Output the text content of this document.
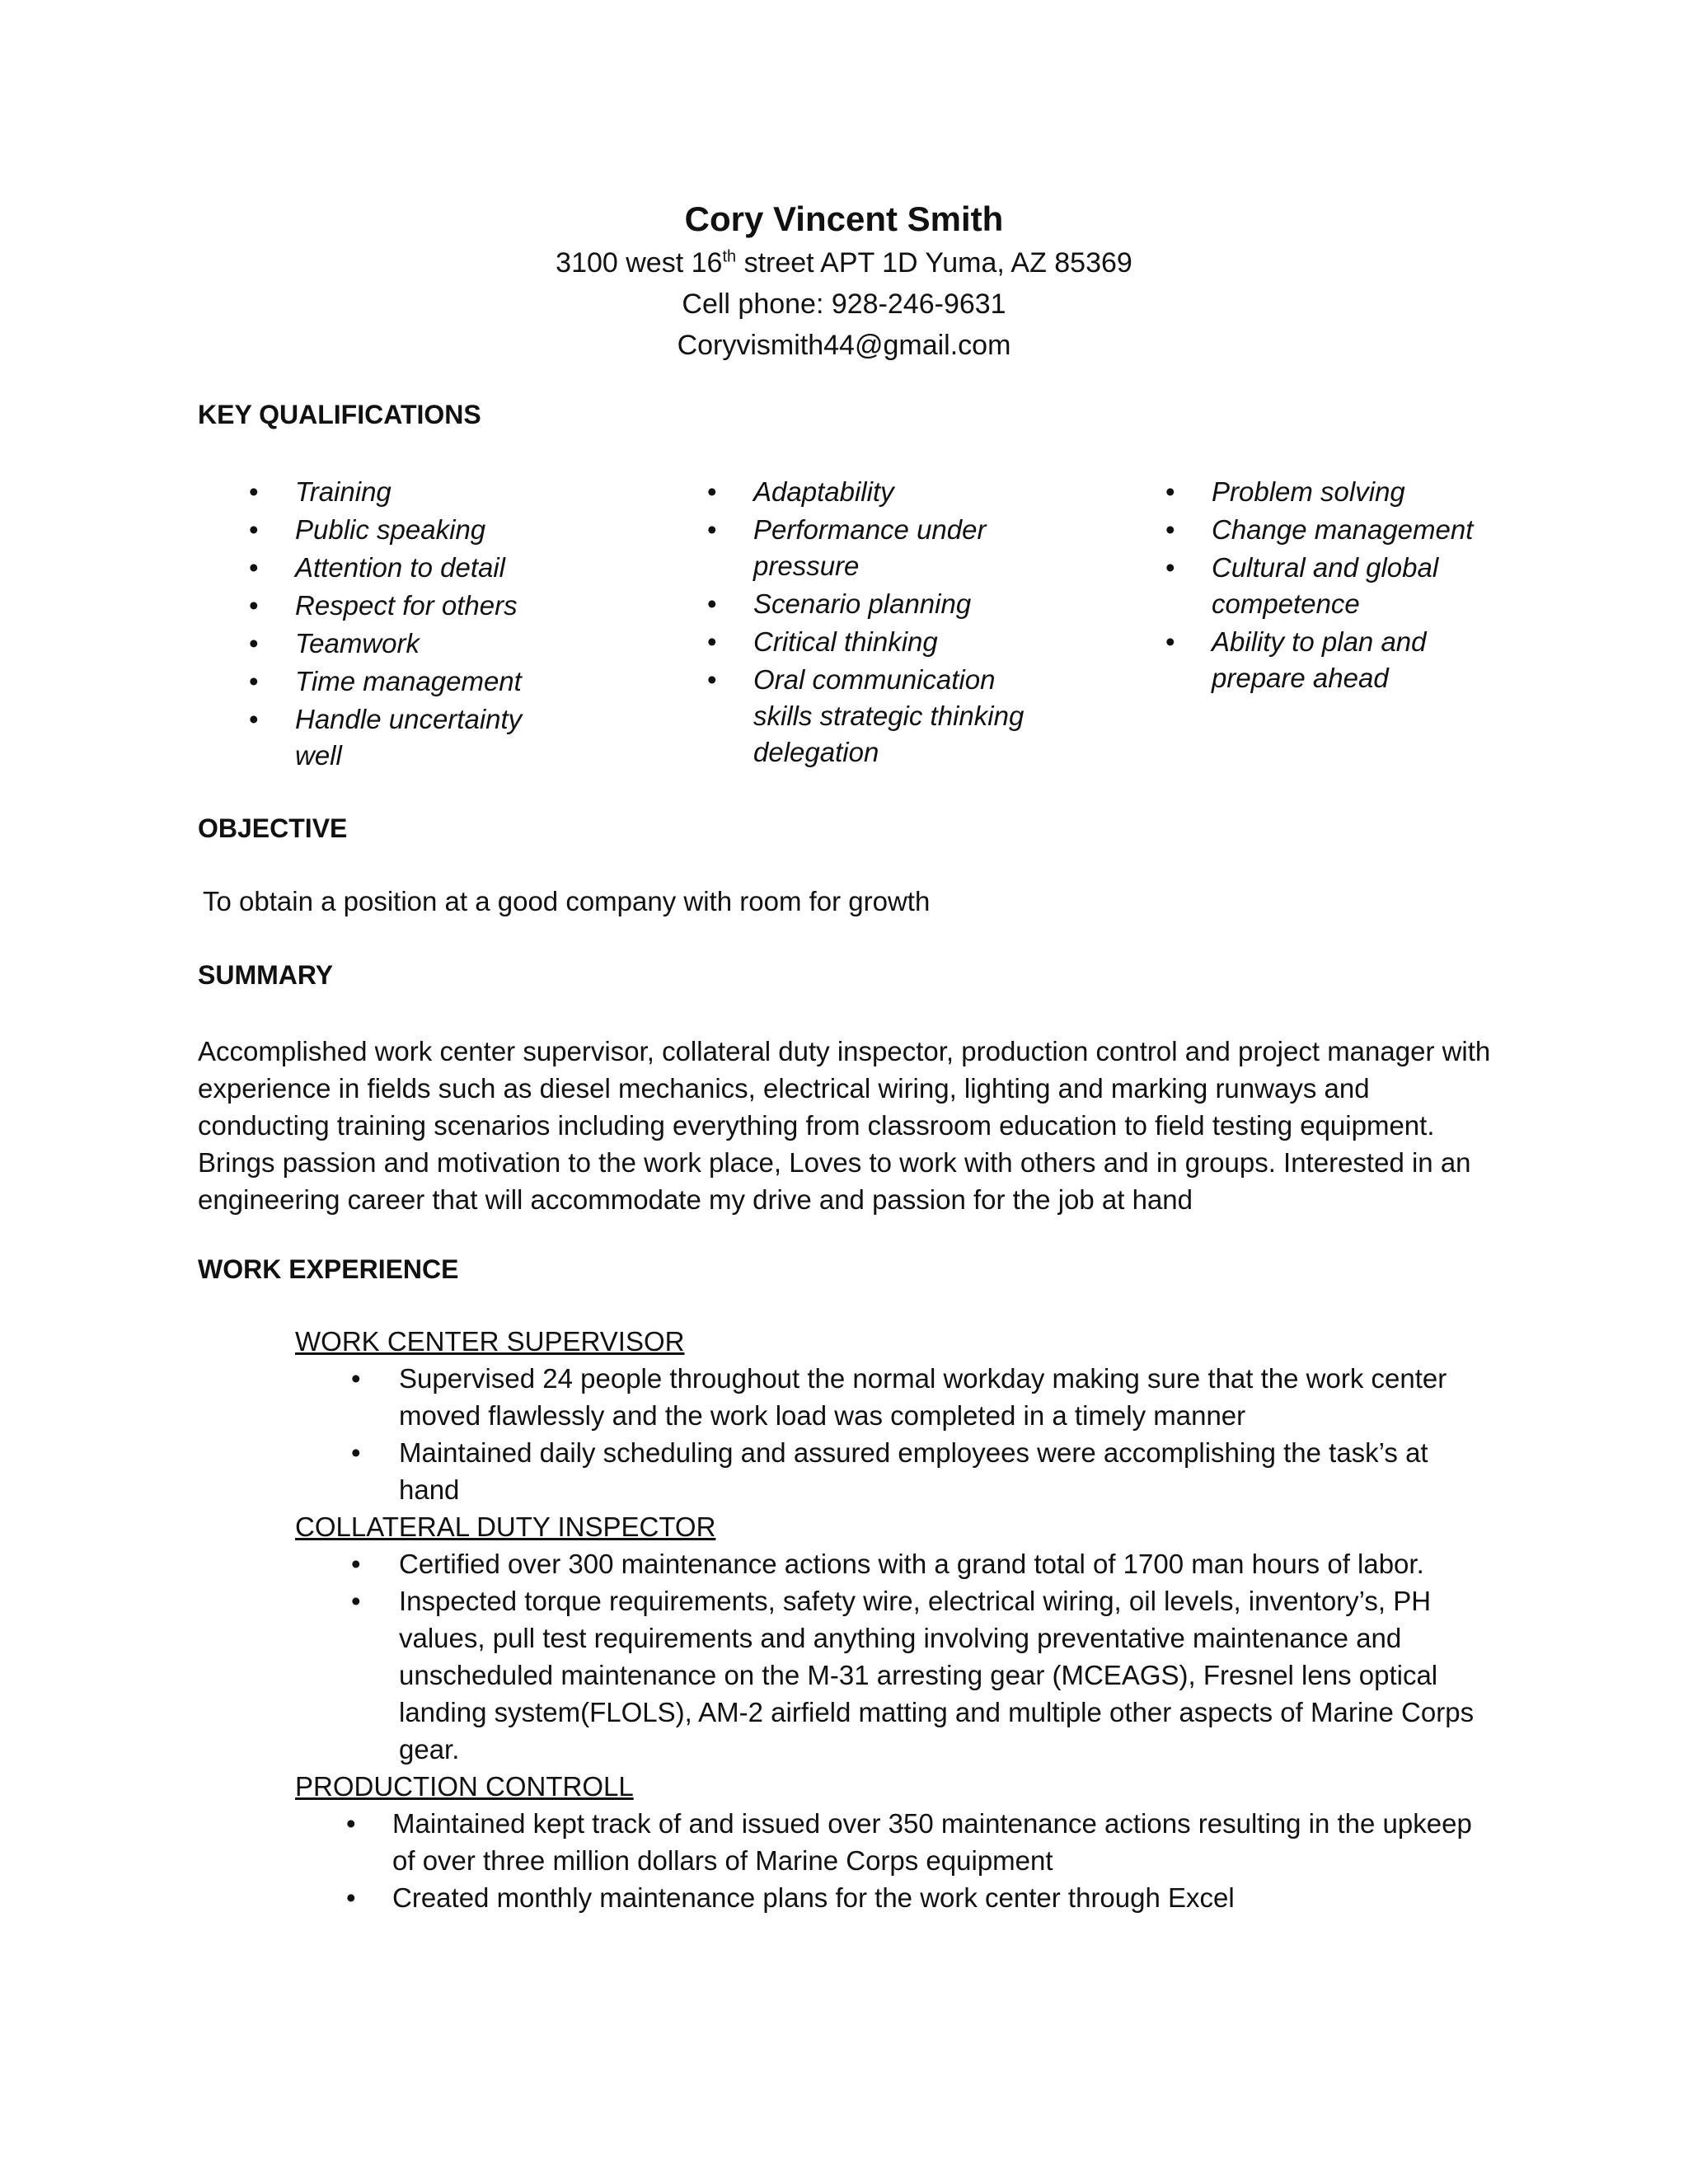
Cory Vincent Smith

3100 west 16th street APT 1D Yuma, AZ 85369

Cell phone: 928-246-9631

Coryvismith44@gmail.com

KEY QUALIFICATIONS

• Training
• Public speaking
• Attention to detail
• Respect for others
• Teamwork
• Time management
• Handle uncertainty well
• Adaptability
• Performance under pressure
• Scenario planning
• Critical thinking
• Oral communication skills strategic thinking delegation
• Problem solving
• Change management
• Cultural and global competence
• Ability to plan and prepare ahead

OBJECTIVE

To obtain a position at a good company with room for growth

SUMMARY

Accomplished work center supervisor, collateral duty inspector, production control and project manager with experience in fields such as diesel mechanics, electrical wiring, lighting and marking runways and conducting training scenarios including everything from classroom education to field testing equipment. Brings passion and motivation to the work place, Loves to work with others and in groups. Interested in an engineering career that will accommodate my drive and passion for the job at hand

WORK EXPERIENCE

WORK CENTER SUPERVISOR

• Supervised 24 people throughout the normal workday making sure that the work center moved flawlessly and the work load was completed in a timely manner
• Maintained daily scheduling and assured employees were accomplishing the task’s at hand

COLLATERAL DUTY INSPECTOR

• Certified over 300 maintenance actions with a grand total of 1700 man hours of labor.
• Inspected torque requirements, safety wire, electrical wiring, oil levels, inventory’s, PH values, pull test requirements and anything involving preventative maintenance and unscheduled maintenance on the M-31 arresting gear (MCEAGS), Fresnel lens optical landing system(FLOLS), AM-2 airfield matting and multiple other aspects of Marine Corps gear.

PRODUCTION CONTROLL

• Maintained kept track of and issued over 350 maintenance actions resulting in the upkeep of over three million dollars of Marine Corps equipment
• Created monthly maintenance plans for the work center through Excel
